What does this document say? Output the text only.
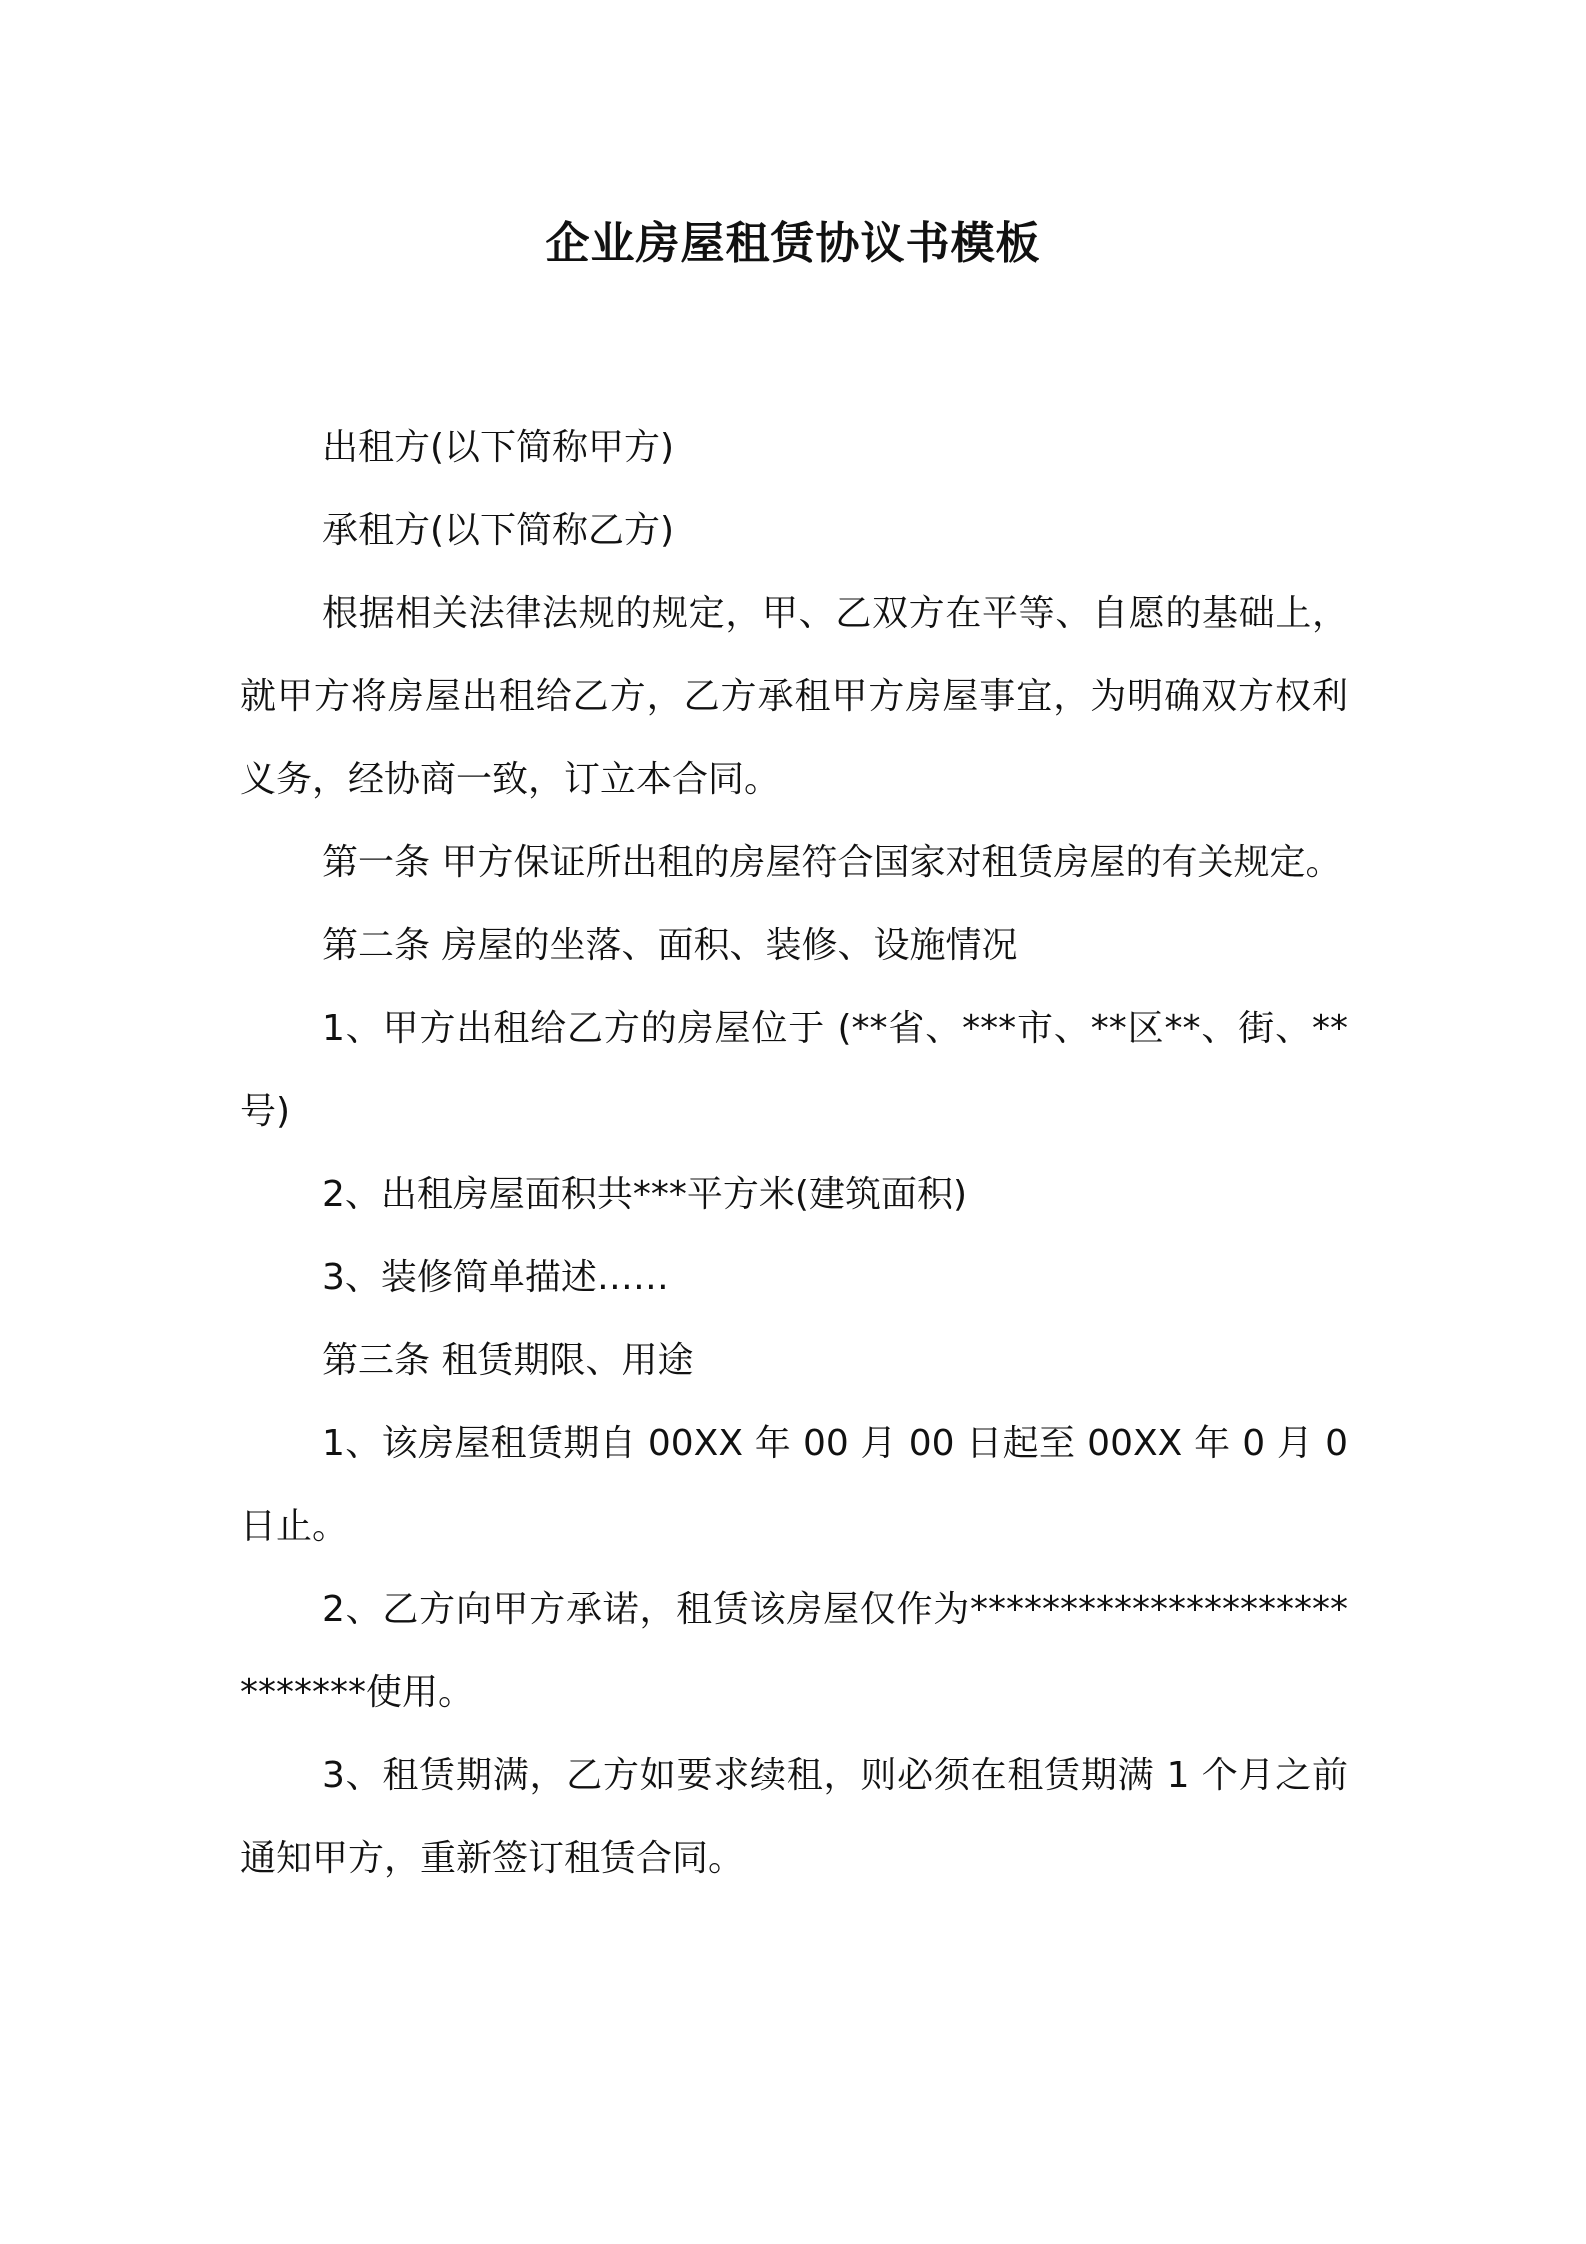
企业房屋租赁协议书模板

出租方(以下简称甲方)

承租方(以下简称乙方)

根据相关法律法规的规定，甲、乙双方在平等、自愿的基础上，就甲方将房屋出租给乙方，乙方承租甲方房屋事宜，为明确双方权利义务，经协商一致，订立本合同。

第一条 甲方保证所出租的房屋符合国家对租赁房屋的有关规定。

第二条 房屋的坐落、面积、装修、设施情况

1、甲方出租给乙方的房屋位于 (**省、***市、**区**、街、**号)

2、出租房屋面积共***平方米(建筑面积)

3、装修简单描述……

第三条 租赁期限、用途

1、该房屋租赁期自 00XX 年 00 月 00 日起至 00XX 年 0 月 0 日止。

2、乙方向甲方承诺，租赁该房屋仅作为****************************使用。

3、租赁期满，乙方如要求续租，则必须在租赁期满 1 个月之前通知甲方，重新签订租赁合同。
